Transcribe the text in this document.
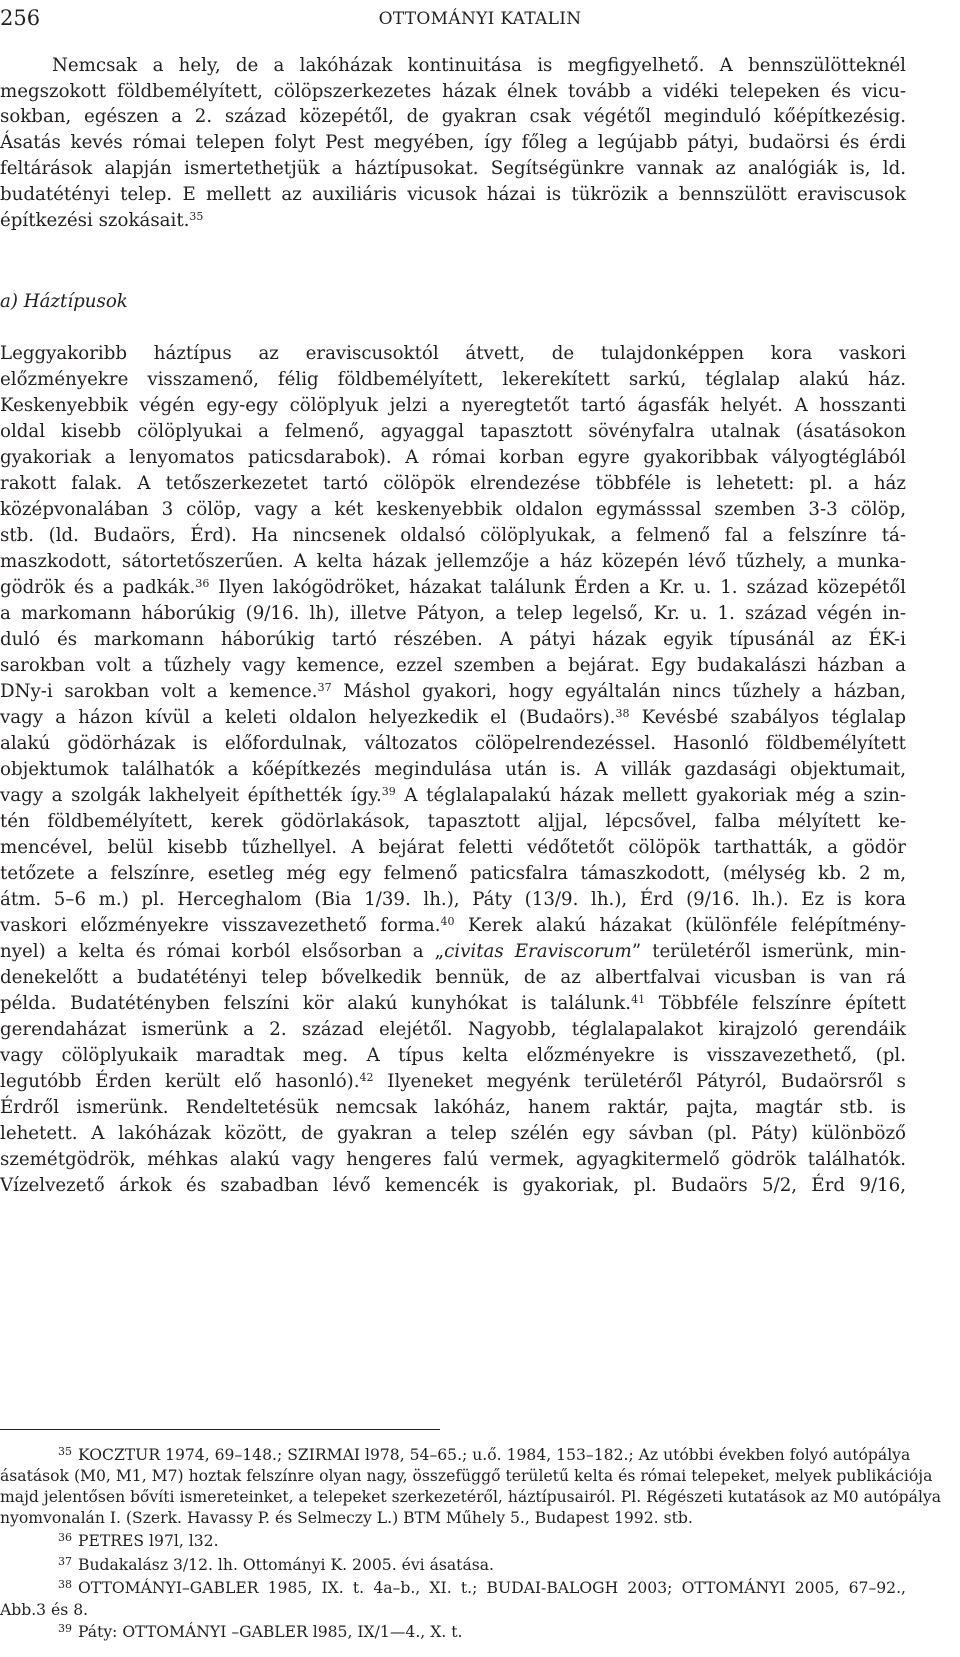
256	OTTOMÁNYI KATALIN
Nemcsak a hely, de a lakóházak kontinuitása is megfigyelhető. A bennszülötteknél
megszokott földbemélyített, cölöpszerkezetes házak élnek tovább a vidéki telepeken és vicu-
sokban, egészen a 2. század közepétől, de gyakran csak végétől meginduló kőépítkezésig.
Ásatás kevés római telepen folyt Pest megyében, így főleg a legújabb pátyi, budaörsi és érdi
feltárások alapján ismertethetjük a háztípusokat. Segítségünkre vannak az analógiák is, ld.
budatétényi telep. E mellett az auxiliáris vicusok házai is tükrözik a bennszülött eraviscusok
építkezési szokásait.$^{35}$
a) Háztípusok
Leggyakoribb háztípus az eraviscusoktól átvett, de tulajdonképpen kora vaskori
előzményekre visszamenő, félig földbemélyített, lekerekített sarkú, téglalap alakú ház.
Keskenyebbik végén egy-egy cölöplyuk jelzi a nyeregtetőt tartó ágasfák helyét. A hosszanti
oldal kisebb cölöplyukai a felmenő, agyaggal tapasztott sövényfalra utalnak (ásatásokon
gyakoriak a lenyomatos paticsdarabok). A római korban egyre gyakoribbak vályogtéglából
rakott falak. A tetőszerkezetet tartó cölöpök elrendezése többféle is lehetett: pl. a ház
középvonalában 3 cölöp, vagy a két keskenyebbik oldalon egymásssal szemben 3-3 cölöp,
stb. (ld. Budaörs, Érd). Ha nincsenek oldalsó cölöplyukak, a felmenő fal a felszínre tá-
maszkodott, sátortetőszerűen. A kelta házak jellemzője a ház közepén lévő tűzhely, a munka-
gödrök és a padkák.$^{36}$ Ilyen lakógödröket, házakat találunk Érden a Kr. u. 1. század közepétől
a markomann háborúkig (9/16. lh), illetve Pátyon, a telep legelső, Kr. u. 1. század végén in-
duló és markomann háborúkig tartó részében. A pátyi házak egyik típusánál az ÉK-i
sarokban volt a tűzhely vagy kemence, ezzel szemben a bejárat. Egy budakalászi házban a
DNy-i sarokban volt a kemence.$^{37}$ Máshol gyakori, hogy egyáltalán nincs tűzhely a házban,
vagy a házon kívül a keleti oldalon helyezkedik el (Budaörs).$^{38}$ Kevésbé szabályos téglalap
alakú gödörházak is előfordulnak, változatos cölöpelrendezéssel. Hasonló földbemélyített
objektumok találhatók a kőépítkezés megindulása után is. A villák gazdasági objektumait,
vagy a szolgák lakhelyeit építhették így.$^{39}$ A téglalapalakú házak mellett gyakoriak még a szin-
tén földbemélyített, kerek gödörlakások, tapasztott aljjal, lépcsővel, falba mélyített ke-
mencével, belül kisebb tűzhellyel. A bejárat feletti védőtetőt cölöpök tarthatták, a gödör
tetőzete a felszínre, esetleg még egy felmenő paticsfalra támaszkodott, (mélység kb. 2 m,
átm. 5–6 m.) pl. Herceghalom (Bia 1/39. lh.), Páty (13/9. lh.), Érd (9/16. lh.). Ez is kora
vaskori előzményekre visszavezethető forma.$^{40}$ Kerek alakú házakat (különféle felépítmény-
nyel) a kelta és római korból elsősorban a „civitas Eraviscorum” területéről ismerünk, min-
denekelőtt a budatétényi telep bővelkedik bennük, de az albertfalvai vicusban is van rá
példa. Budatétényben felszíni kör alakú kunyhókat is találunk.$^{41}$ Többféle felszínre épített
gerendaházat ismerünk a 2. század elejétől. Nagyobb, téglalapalakot kirajzoló gerendáik
vagy cölöplyukaik maradtak meg. A típus kelta előzményekre is visszavezethető, (pl.
legutóbb Érden került elő hasonló).$^{42}$ Ilyeneket megyénk területéről Pátyról, Budaörsről s
Érdről ismerünk. Rendeltetésük nemcsak lakóház, hanem raktár, pajta, magtár stb. is
lehetett. A lakóházak között, de gyakran a telep szélén egy sávban (pl. Páty) különböző
szemétgödrök, méhkas alakú vagy hengeres falú vermek, agyagkitermelő gödrök találhatók.
Vízelvezető árkok és szabadban lévő kemencék is gyakoriak, pl. Budaörs 5/2, Érd 9/16,
$^{35}$ KOCZTUR 1974, 69–148.; SZIRMAI l978, 54–65.; u.ő. 1984, 153–182.; Az utóbbi években folyó autópálya
ásatások (M0, M1, M7) hoztak felszínre olyan nagy, összefüggő területű kelta és római telepeket, melyek publikációja
majd jelentősen bővíti ismereteinket, a telepeket szerkezetéről, háztípusairól. Pl. Régészeti kutatások az M0 autópálya
nyomvonalán I. (Szerk. Havassy P. és Selmeczy L.) BTM Műhely 5., Budapest 1992. stb.
$^{36}$ PETRES l97l, l32.
$^{37}$ Budakalász 3/12. lh. Ottományi K. 2005. évi ásatása.
$^{38}$ OTTOMÁNYI–GABLER 1985, IX. t. 4a–b., XI. t.; BUDAI-BALOGH 2003; OTTOMÁNYI 2005, 67–92.,
Abb.3 és 8.
$^{39}$ Páty: OTTOMÁNYI –GABLER l985, IX/1—4., X. t.
